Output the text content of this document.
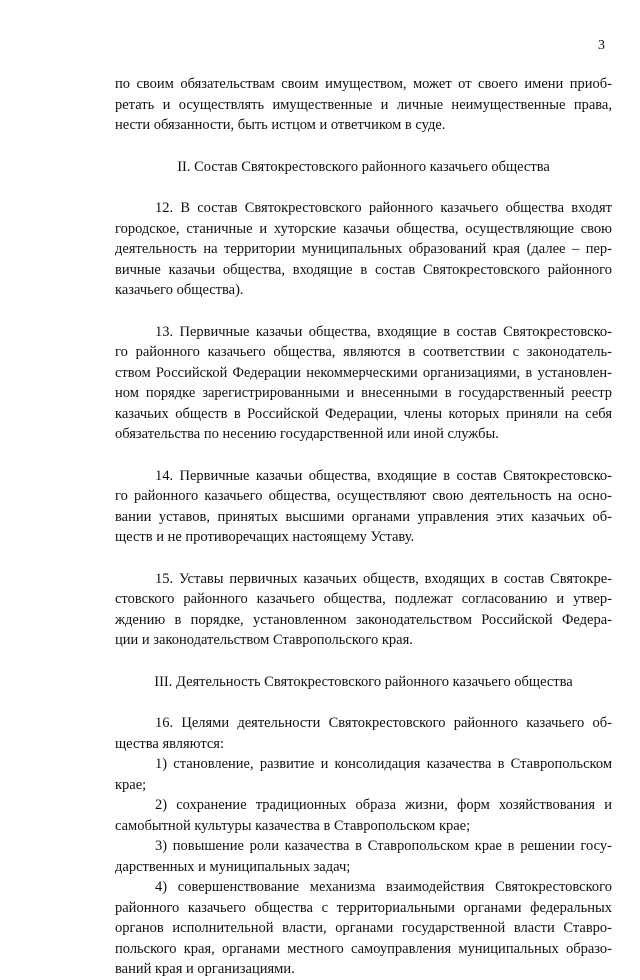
3
по своим обязательствам своим имуществом, может от своего имени приоб-
ретать и осуществлять имущественные и личные неимущественные права,
нести обязанности, быть истцом и ответчиком в суде.
II. Состав Святокрестовского районного казачьего общества
12. В состав Святокрестовского районного казачьего общества входят
городское, станичные и хуторские казачьи общества, осуществляющие свою
деятельность на территории муниципальных образований края (далее – пер-
вичные казачьи общества, входящие в состав Святокрестовского районного
казачьего общества).
13. Первичные казачьи общества, входящие в состав Святокрестовско-
го районного казачьего общества, являются в соответствии с законодатель-
ством Российской Федерации некоммерческими организациями, в установлен-
ном порядке зарегистрированными и внесенными в государственный реестр
казачьих обществ в Российской Федерации, члены которых приняли на себя
обязательства по несению государственной или иной службы.
14. Первичные казачьи общества, входящие в состав Святокрестовско-
го районного казачьего общества, осуществляют свою деятельность на осно-
вании уставов, принятых высшими органами управления этих казачьих об-
ществ и не противоречащих настоящему Уставу.
15. Уставы первичных казачьих обществ, входящих в состав Святокре-
стовского районного казачьего общества, подлежат согласованию и утвер-
ждению в порядке, установленном законодательством Российской Федера-
ции и законодательством Ставропольского края.
III. Деятельность Святокрестовского районного казачьего общества
16. Целями деятельности Святокрестовского районного казачьего об-
щества являются:
1) становление, развитие и консолидация казачества в Ставропольском
крае;
2) сохранение традиционных образа жизни, форм хозяйствования и
самобытной культуры казачества в Ставропольском крае;
3) повышение роли казачества в Ставропольском крае в решении госу-
дарственных и муниципальных задач;
4) совершенствование механизма взаимодействия Святокрестовского
районного казачьего общества с территориальными органами федеральных
органов исполнительной власти, органами государственной власти Ставро-
польского края, органами местного самоуправления муниципальных образо-
ваний края и организациями.
